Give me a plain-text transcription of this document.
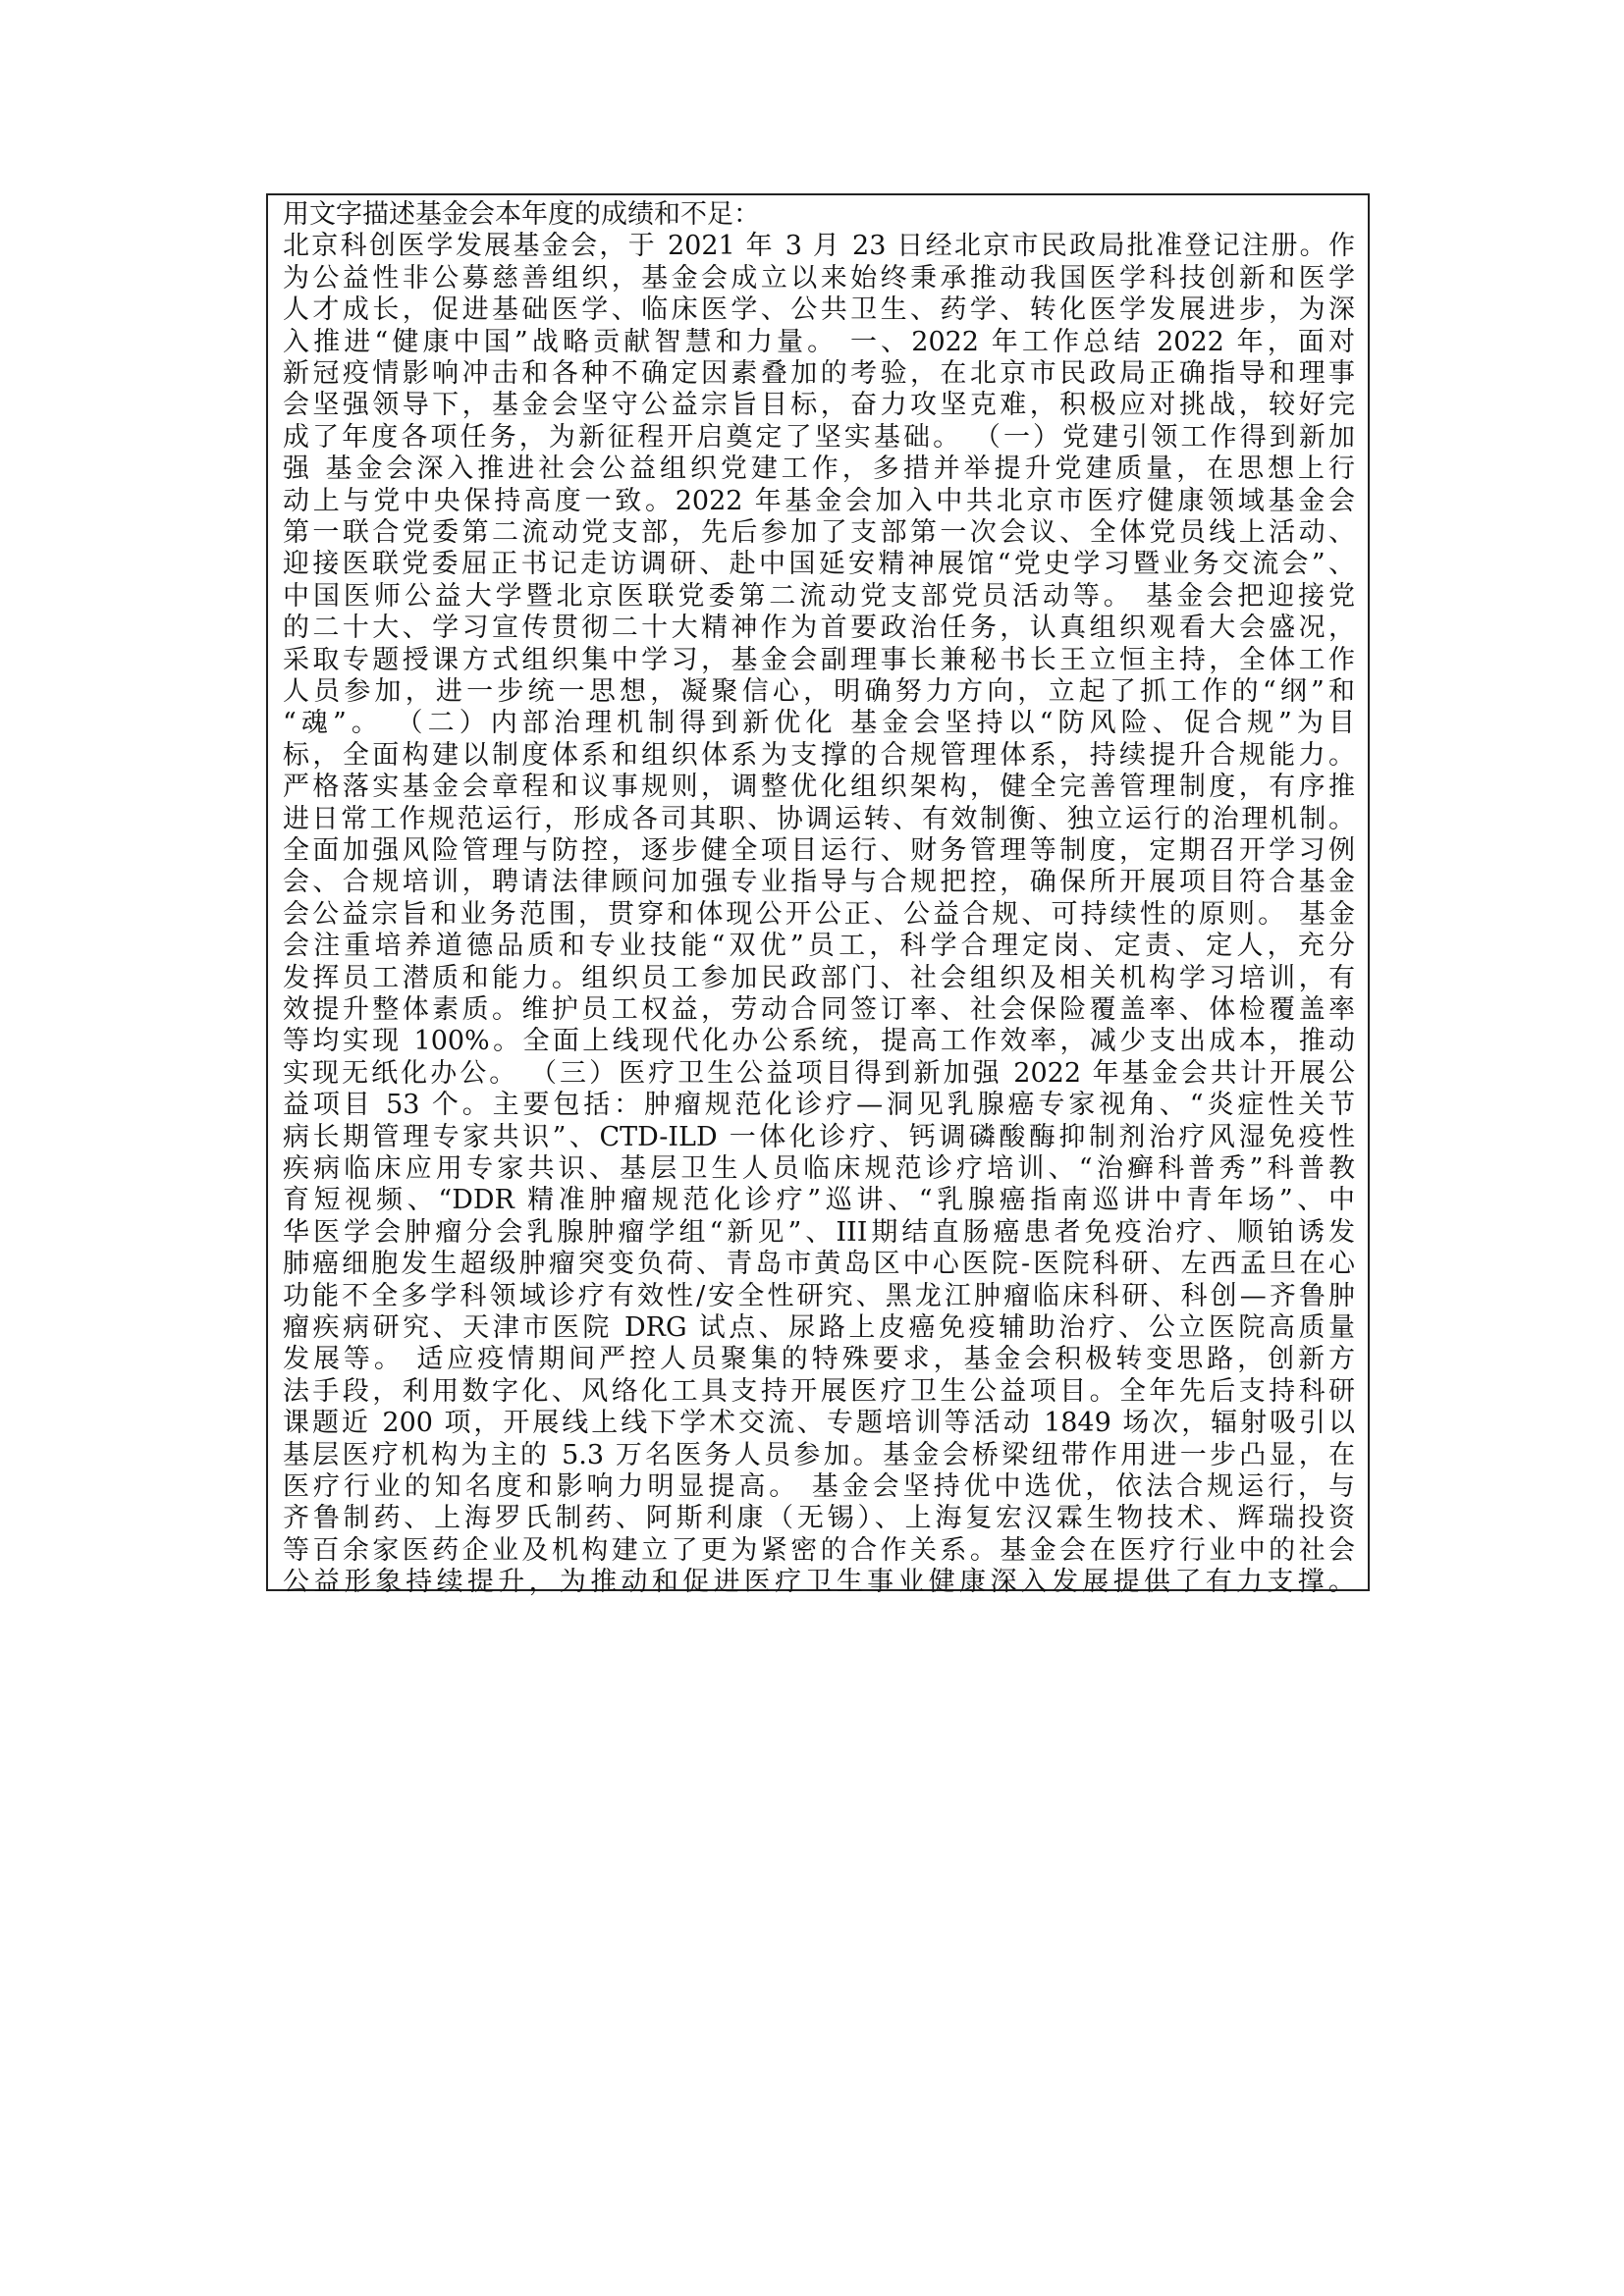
用文字描述基金会本年度的成绩和不足：
北京科创医学发展基金会，于 2021 年 3 月 23 日经北京市民政局批准登记注册。作
为公益性非公募慈善组织，基金会成立以来始终秉承推动我国医学科技创新和医学
人才成长，促进基础医学、临床医学、公共卫生、药学、转化医学发展进步，为深
入推进“健康中国”战略贡献智慧和力量。 一、2022 年工作总结 2022 年，面对
新冠疫情影响冲击和各种不确定因素叠加的考验，在北京市民政局正确指导和理事
会坚强领导下，基金会坚守公益宗旨目标，奋力攻坚克难，积极应对挑战，较好完
成了年度各项任务，为新征程开启奠定了坚实基础。 （一）党建引领工作得到新加
强 基金会深入推进社会公益组织党建工作，多措并举提升党建质量，在思想上行
动上与党中央保持高度一致。2022 年基金会加入中共北京市医疗健康领域基金会
第一联合党委第二流动党支部，先后参加了支部第一次会议、全体党员线上活动、
迎接医联党委屈正书记走访调研、赴中国延安精神展馆“党史学习暨业务交流会”、
中国医师公益大学暨北京医联党委第二流动党支部党员活动等。 基金会把迎接党
的二十大、学习宣传贯彻二十大精神作为首要政治任务，认真组织观看大会盛况，
采取专题授课方式组织集中学习，基金会副理事长兼秘书长王立恒主持，全体工作
人员参加，进一步统一思想，凝聚信心，明确努力方向，立起了抓工作的“纲”和
“魂”。 （二）内部治理机制得到新优化 基金会坚持以“防风险、促合规”为目
标，全面构建以制度体系和组织体系为支撑的合规管理体系，持续提升合规能力。
严格落实基金会章程和议事规则，调整优化组织架构，健全完善管理制度，有序推
进日常工作规范运行，形成各司其职、协调运转、有效制衡、独立运行的治理机制。
全面加强风险管理与防控，逐步健全项目运行、财务管理等制度，定期召开学习例
会、合规培训，聘请法律顾问加强专业指导与合规把控，确保所开展项目符合基金
会公益宗旨和业务范围，贯穿和体现公开公正、公益合规、可持续性的原则。 基金
会注重培养道德品质和专业技能“双优”员工，科学合理定岗、定责、定人，充分
发挥员工潜质和能力。组织员工参加民政部门、社会组织及相关机构学习培训，有
效提升整体素质。维护员工权益，劳动合同签订率、社会保险覆盖率、体检覆盖率
等均实现 100%。全面上线现代化办公系统，提高工作效率，减少支出成本，推动
实现无纸化办公。 （三）医疗卫生公益项目得到新加强 2022 年基金会共计开展公
益项目 53 个。主要包括：肿瘤规范化诊疗—洞见乳腺癌专家视角、“炎症性关节
病长期管理专家共识”、CTD-ILD 一体化诊疗、钙调磷酸酶抑制剂治疗风湿免疫性
疾病临床应用专家共识、基层卫生人员临床规范诊疗培训、“治癣科普秀”科普教
育短视频、“DDR 精准肿瘤规范化诊疗”巡讲、“乳腺癌指南巡讲中青年场”、中
华医学会肿瘤分会乳腺肿瘤学组“新见”、III期结直肠癌患者免疫治疗、顺铂诱发
肺癌细胞发生超级肿瘤突变负荷、青岛市黄岛区中心医院-医院科研、左西孟旦在心
功能不全多学科领域诊疗有效性/安全性研究、黑龙江肿瘤临床科研、科创—齐鲁肿
瘤疾病研究、天津市医院 DRG 试点、尿路上皮癌免疫辅助治疗、公立医院高质量
发展等。 适应疫情期间严控人员聚集的特殊要求，基金会积极转变思路，创新方
法手段，利用数字化、风络化工具支持开展医疗卫生公益项目。全年先后支持科研
课题近 200 项，开展线上线下学术交流、专题培训等活动 1849 场次，辐射吸引以
基层医疗机构为主的 5.3 万名医务人员参加。基金会桥梁纽带作用进一步凸显，在
医疗行业的知名度和影响力明显提高。 基金会坚持优中选优，依法合规运行，与
齐鲁制药、上海罗氏制药、阿斯利康（无锡）、上海复宏汉霖生物技术、辉瑞投资
等百余家医药企业及机构建立了更为紧密的合作关系。基金会在医疗行业中的社会
公益形象持续提升，为推动和促进医疗卫生事业健康深入发展提供了有力支撑。
